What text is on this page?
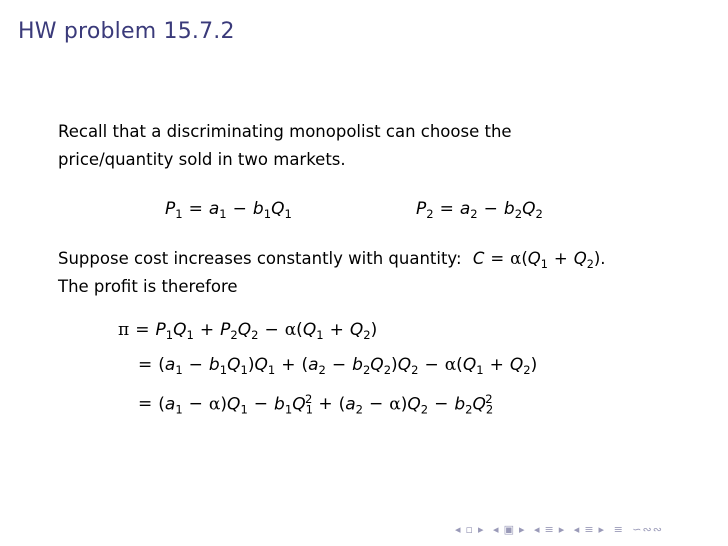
HW problem 15.7.2
Recall that a discriminating monopolist can choose the
price/quantity sold in two markets.
$P_1 = a_1 - b_1Q_1$	$P_2 = a_2 - b_2Q_2$
Suppose cost increases constantly with quantity: $C = \alpha(Q_1 + Q_2)$.
The profit is therefore
$\pi = P_1Q_1 + P_2Q_2 - \alpha(Q_1 + Q_2)$
= $(a_1 - b_1Q_1)Q_1 + (a_2 - b_2Q_2)Q_2 - \alpha(Q_1 + Q_2)$
= $(a_1 - \alpha)Q_1 - b_1Q_1^2 + (a_2 - \alpha)Q_2 - b_2Q_2^2$
◂ ▫ ▸ ◂ ▣ ▸ ◂ ≡ ▸ ◂ ≡ ▸ ≡ ∽∾∾
